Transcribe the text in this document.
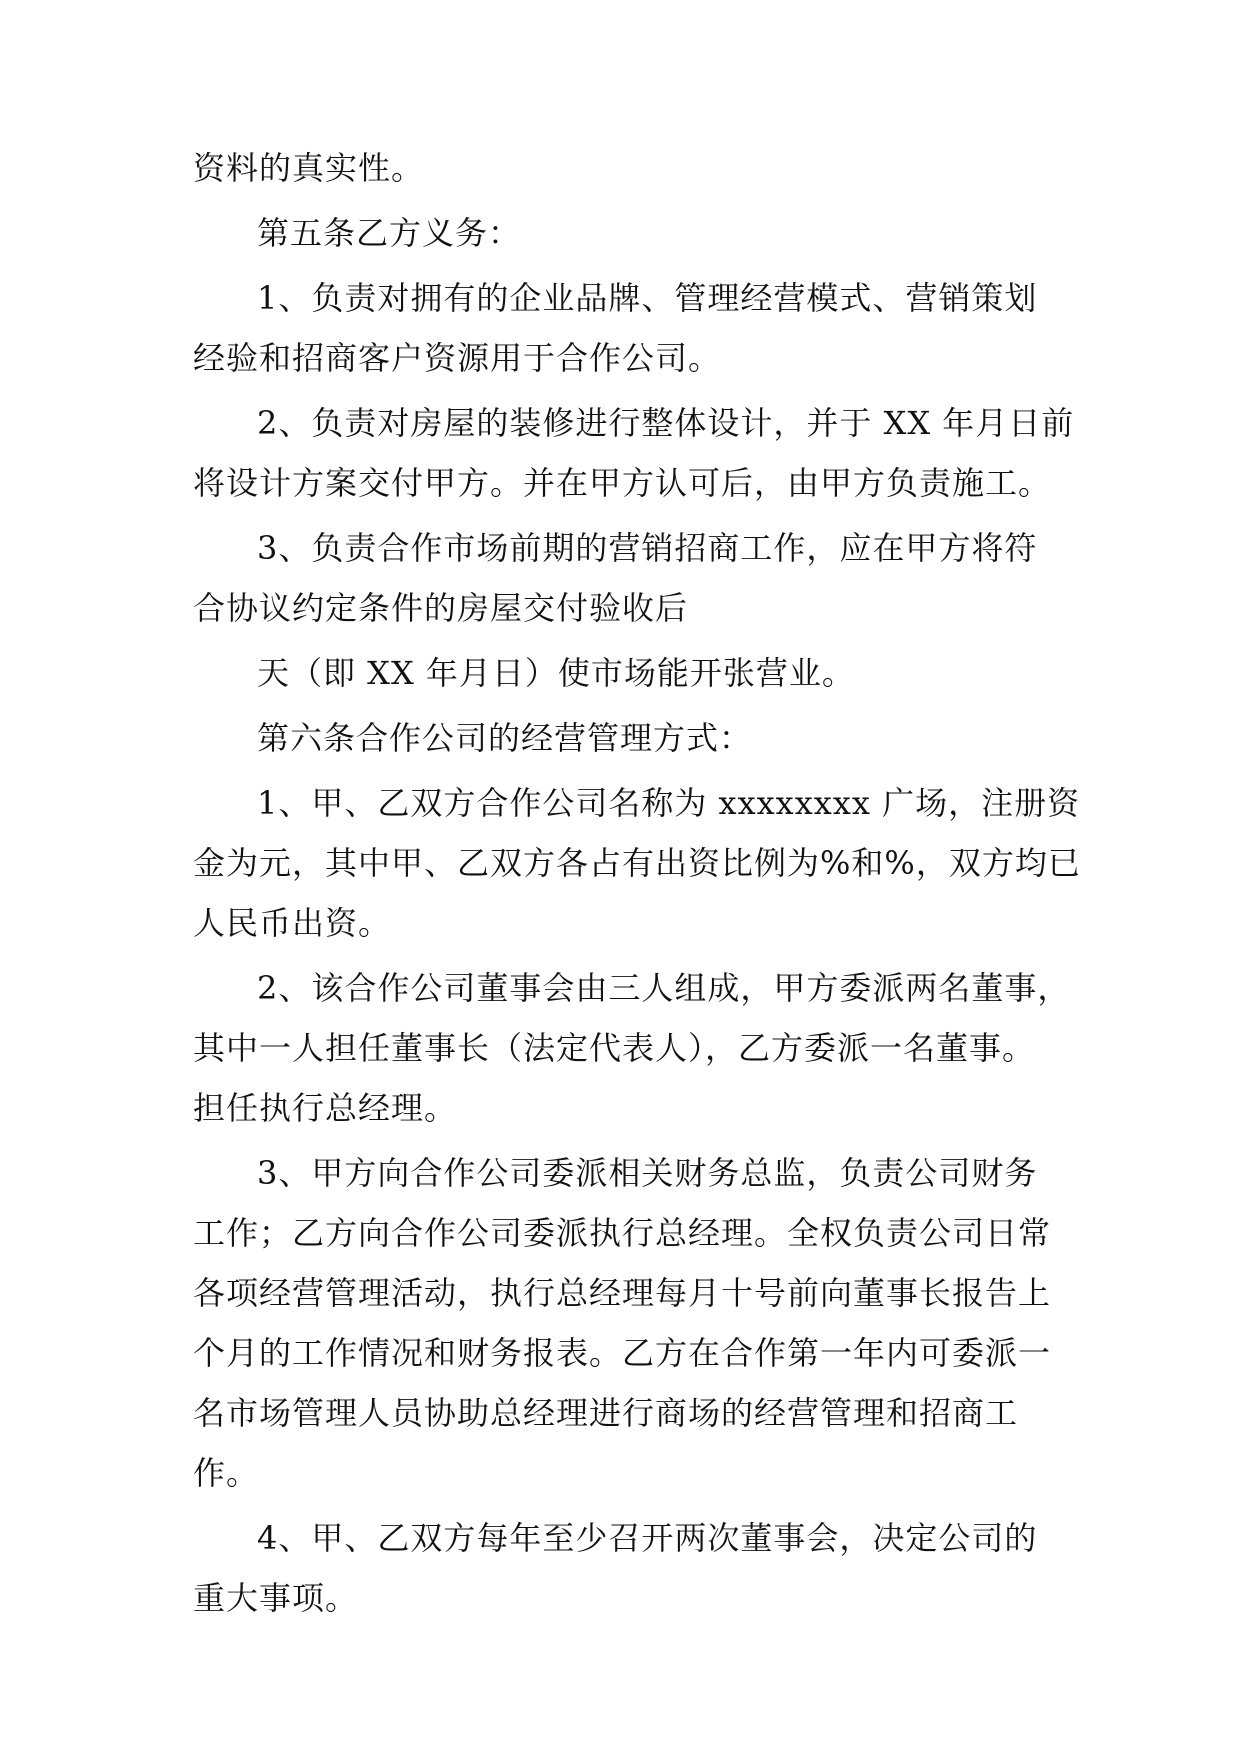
资料的真实性。
第五条乙方义务：
1、负责对拥有的企业品牌、管理经营模式、营销策划
经验和招商客户资源用于合作公司。
2、负责对房屋的装修进行整体设计，并于 XX 年月日前
将设计方案交付甲方。并在甲方认可后，由甲方负责施工。
3、负责合作市场前期的营销招商工作，应在甲方将符
合协议约定条件的房屋交付验收后
天（即 XX 年月日）使市场能开张营业。
第六条合作公司的经营管理方式：
1、甲、乙双方合作公司名称为 xxxxxxxx 广场，注册资
金为元，其中甲、乙双方各占有出资比例为%和%，双方均已
人民币出资。
2、该合作公司董事会由三人组成，甲方委派两名董事，
其中一人担任董事长（法定代表人），乙方委派一名董事。
担任执行总经理。
3、甲方向合作公司委派相关财务总监，负责公司财务
工作；乙方向合作公司委派执行总经理。全权负责公司日常
各项经营管理活动，执行总经理每月十号前向董事长报告上
个月的工作情况和财务报表。乙方在合作第一年内可委派一
名市场管理人员协助总经理进行商场的经营管理和招商工
作。
4、甲、乙双方每年至少召开两次董事会，决定公司的
重大事项。
